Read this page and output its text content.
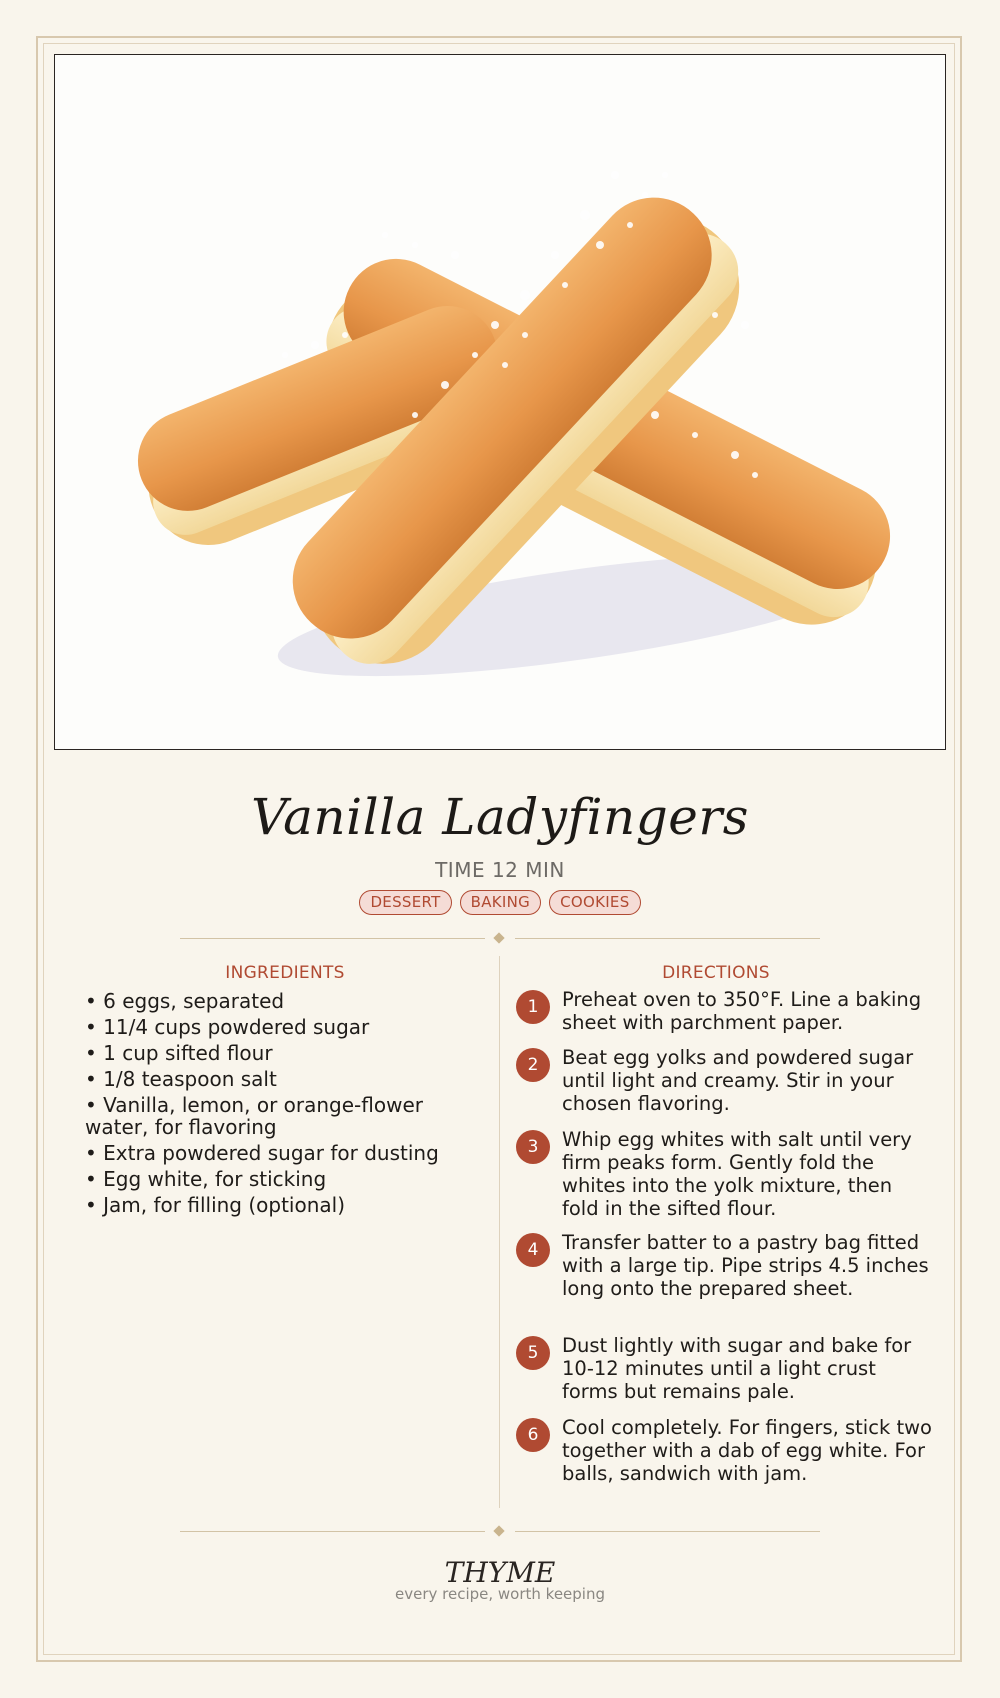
Vanilla Ladyfingers
TIME 12 MIN
DESSERT	BAKING	COOKIES
INGREDIENTS	DIRECTIONS
• 6 eggs, separated
• 11/4 cups powdered sugar
• 1 cup sifted flour
• 1/8 teaspoon salt
• Vanilla, lemon, or orange-flower water, for flavoring
• Extra powdered sugar for dusting
• Egg white, for sticking
• Jam, for filling (optional)
1	Preheat oven to 350°F. Line a baking sheet with parchment paper.
2	Beat egg yolks and powdered sugar until light and creamy. Stir in your chosen flavoring.
3	Whip egg whites with salt until very firm peaks form. Gently fold the whites into the yolk mixture, then fold in the sifted flour.
4	Transfer batter to a pastry bag fitted with a large tip. Pipe strips 4.5 inches long onto the prepared sheet.
5	Dust lightly with sugar and bake for 10-12 minutes until a light crust forms but remains pale.
6	Cool completely. For fingers, stick two together with a dab of egg white. For balls, sandwich with jam.
THYME
every recipe, worth keeping
